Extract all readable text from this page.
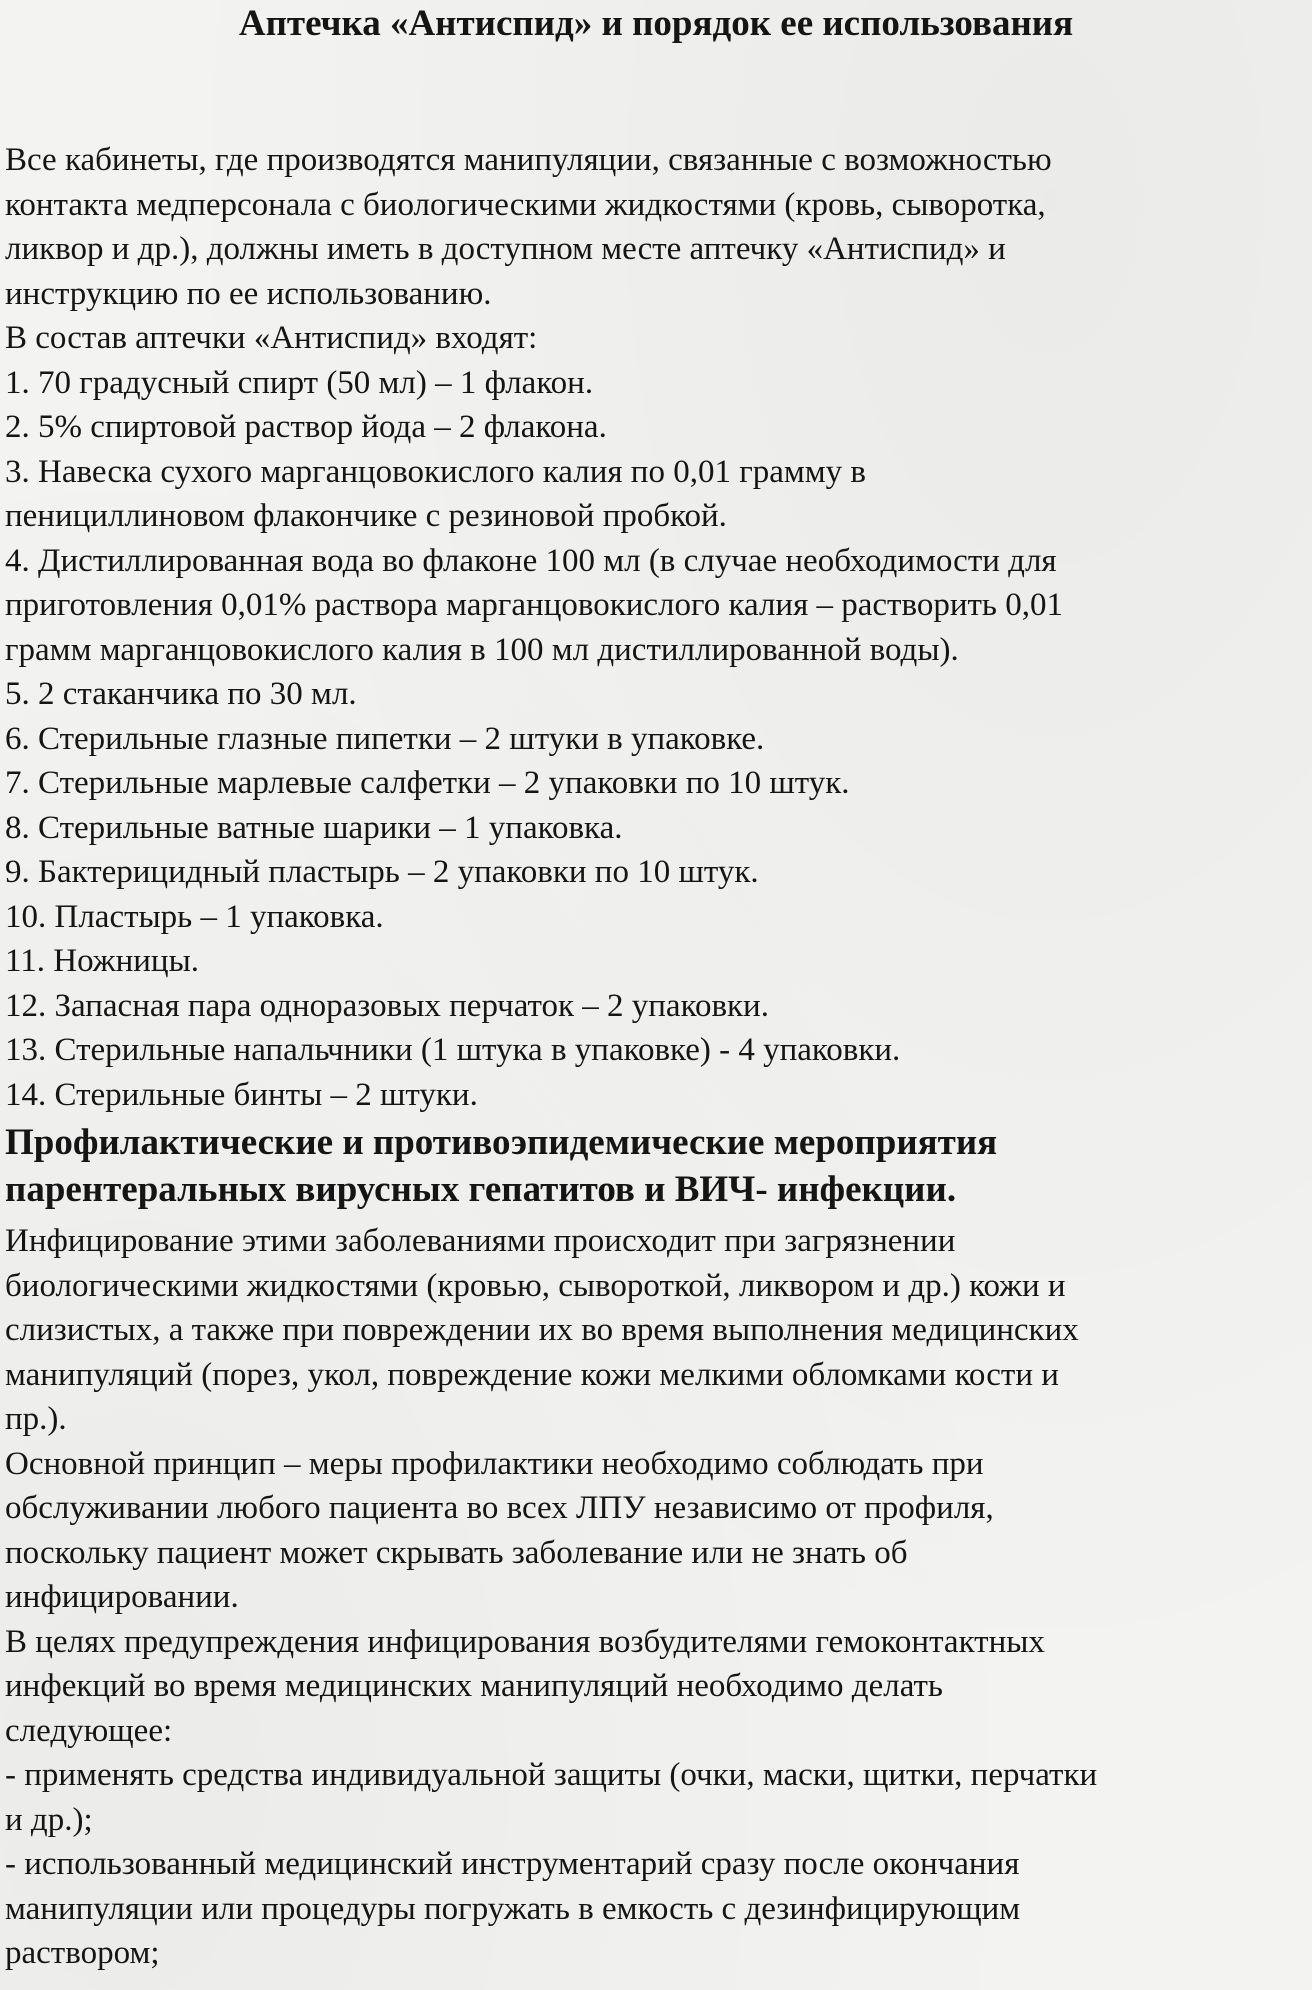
Аптечка «Антиспид» и порядок ее использования

Все кабинеты, где производятся манипуляции, связанные с возможностью

контакта медперсонала с биологическими жидкостями (кровь, сыворотка,

ликвор и др.), должны иметь в доступном месте аптечку «Антиспид» и

инструкцию по ее использованию.

В состав аптечки «Антиспид» входят:

1. 70 градусный спирт (50 мл) – 1 флакон.

2. 5% спиртовой раствор йода – 2 флакона.

3. Навеска сухого марганцовокислого калия по 0,01 грамму в

пенициллиновом флакончике с резиновой пробкой.

4. Дистиллированная вода во флаконе 100 мл (в случае необходимости для

приготовления 0,01% раствора марганцовокислого калия – растворить 0,01

грамм марганцовокислого калия в 100 мл дистиллированной воды).

5. 2 стаканчика по 30 мл.

6. Стерильные глазные пипетки – 2 штуки в упаковке.

7. Стерильные марлевые салфетки – 2 упаковки по 10 штук.

8. Стерильные ватные шарики – 1 упаковка.

9. Бактерицидный пластырь – 2 упаковки по 10 штук.

10. Пластырь – 1 упаковка.

11. Ножницы.

12. Запасная пара одноразовых перчаток – 2 упаковки.

13. Стерильные напальчники (1 штука в упаковке) - 4 упаковки.

14. Стерильные бинты – 2 штуки.

Профилактические и противоэпидемические мероприятия
парентеральных вирусных гепатитов и ВИЧ- инфекции.

Инфицирование этими заболеваниями происходит при загрязнении

биологическими жидкостями (кровью, сывороткой, ликвором и др.) кожи и

слизистых, а также при повреждении их во время выполнения медицинских

манипуляций (порез, укол, повреждение кожи мелкими обломками кости и

пр.).

Основной принцип – меры профилактики необходимо соблюдать при

обслуживании любого пациента во всех ЛПУ независимо от профиля,

поскольку пациент может скрывать заболевание или не знать об

инфицировании.

В целях предупреждения инфицирования возбудителями гемоконтактных

инфекций во время медицинских манипуляций необходимо делать

следующее:

- применять средства индивидуальной защиты (очки, маски, щитки, перчатки

и др.);

- использованный медицинский инструментарий сразу после окончания

манипуляции или процедуры погружать в емкость с дезинфицирующим

раствором;
